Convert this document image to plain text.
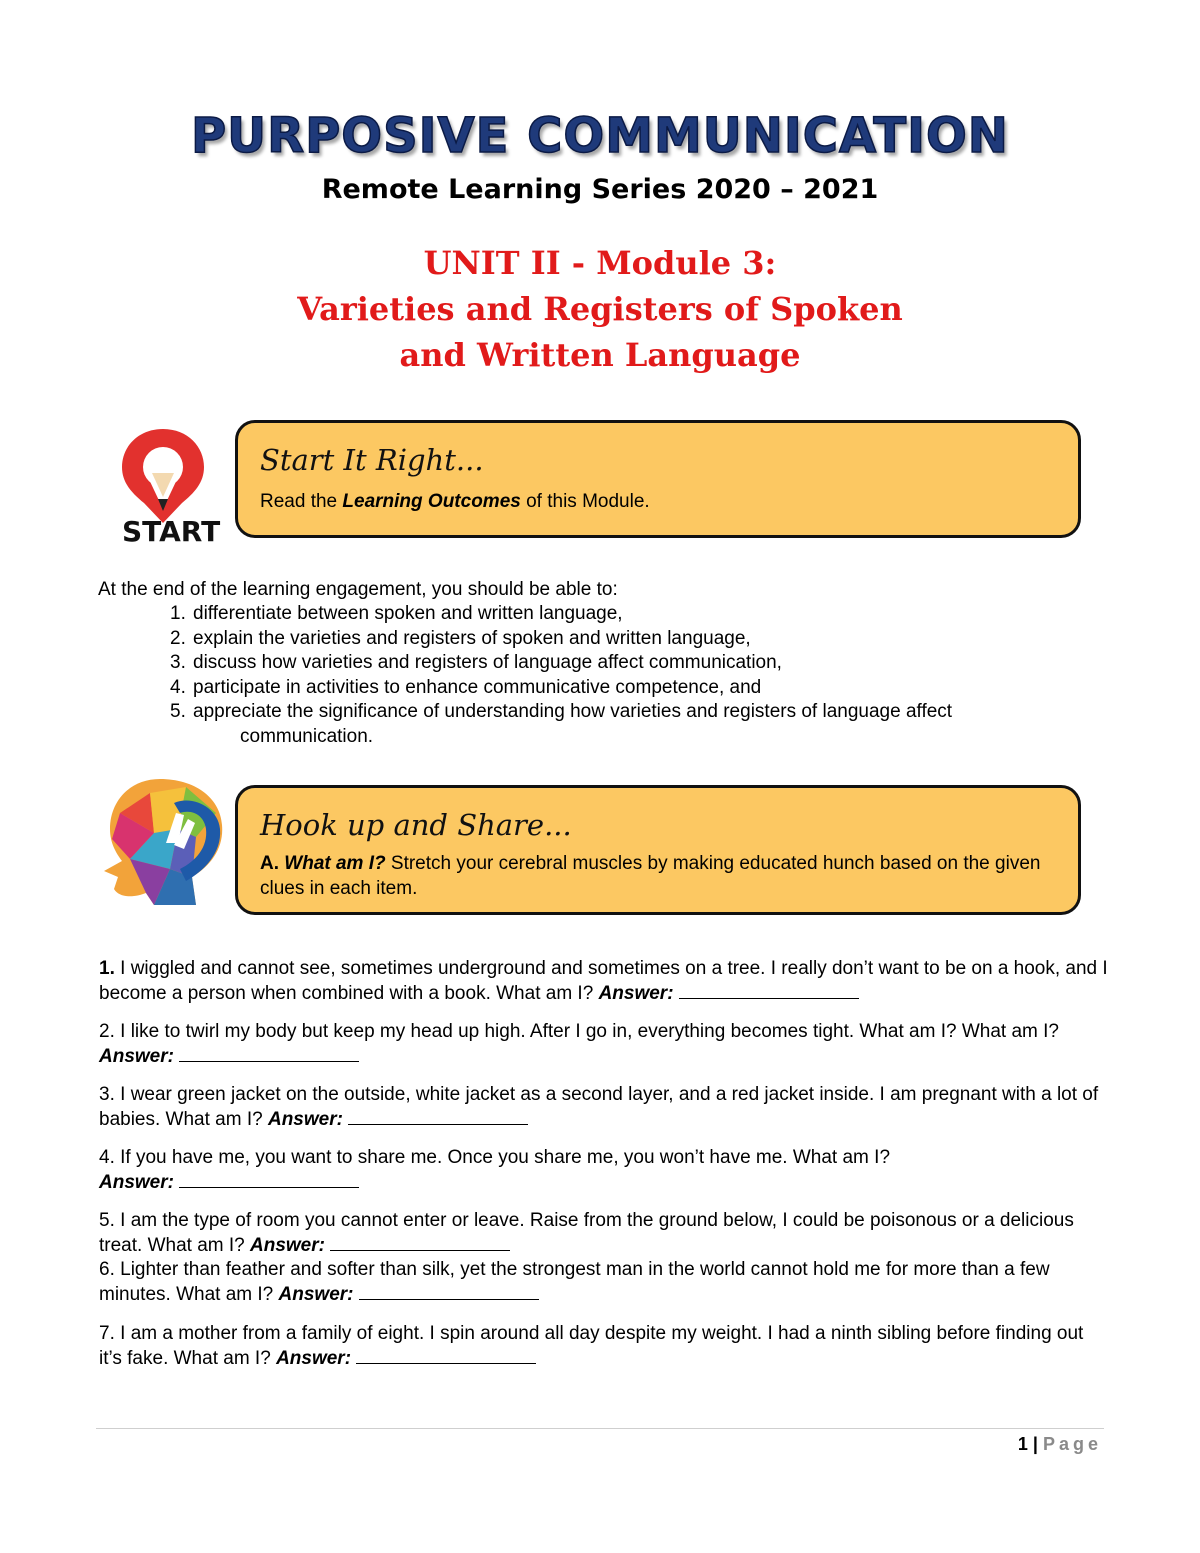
PURPOSIVE COMMUNICATION
Remote Learning Series 2020 – 2021
UNIT II - Module 3:
Varieties and Registers of Spoken
and Written Language
START
Start It Right...
Read the Learning Outcomes of this Module.
At the end of the learning engagement, you should be able to:
1. differentiate between spoken and written language,
2. explain the varieties and registers of spoken and written language,
3. discuss how varieties and registers of language affect communication,
4. participate in activities to enhance communicative competence, and
5. appreciate the significance of understanding how varieties and registers of language affect
communication.
Hook up and Share...
A. What am I? Stretch your cerebral muscles by making educated hunch based on the given clues in each item.
1. I wiggled and cannot see, sometimes underground and sometimes on a tree. I really don’t want to be on a hook, and I become a person when combined with a book. What am I? Answer:
2. I like to twirl my body but keep my head up high. After I go in, everything becomes tight. What am I? What am I? Answer:
3. I wear green jacket on the outside, white jacket as a second layer, and a red jacket inside. I am pregnant with a lot of babies. What am I? Answer:
4. If you have me, you want to share me. Once you share me, you won’t have me. What am I?
Answer:
5. I am the type of room you cannot enter or leave. Raise from the ground below, I could be poisonous or a delicious treat. What am I? Answer:
6. Lighter than feather and softer than silk, yet the strongest man in the world cannot hold me for more than a few minutes. What am I? Answer:
7. I am a mother from a family of eight. I spin around all day despite my weight. I had a ninth sibling before finding out it’s fake. What am I? Answer:
1 | Page
